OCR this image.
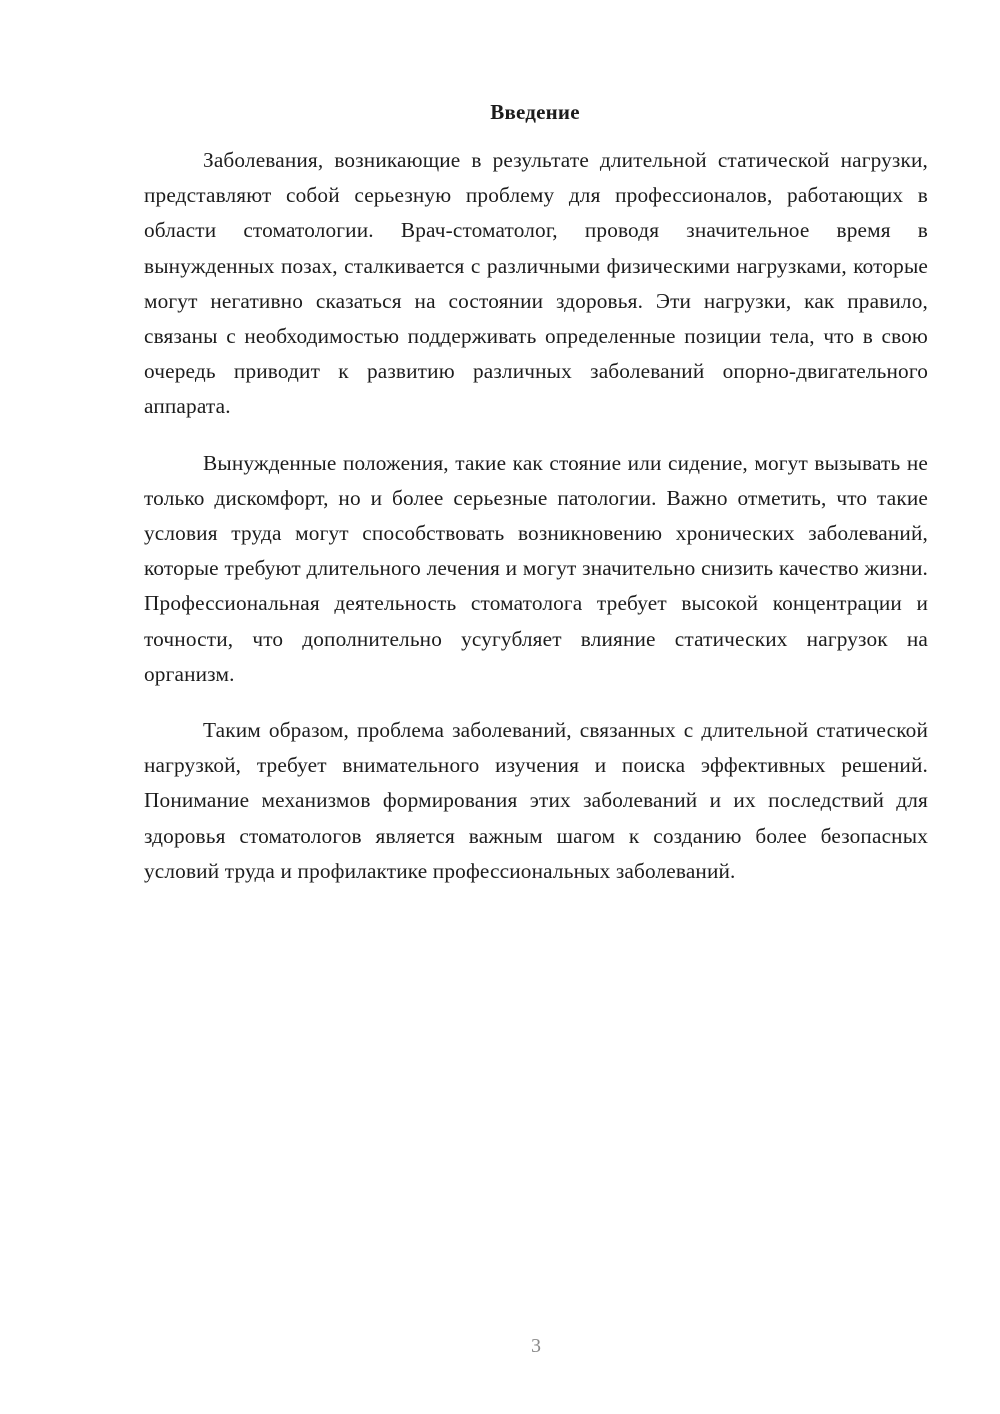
Введение

Заболевания, возникающие в результате длительной статической нагрузки, представляют собой серьезную проблему для профессионалов, работающих в области стоматологии. Врач-стоматолог, проводя значительное время в вынужденных позах, сталкивается с различными физическими нагрузками, которые могут негативно сказаться на состоянии здоровья. Эти нагрузки, как правило, связаны с необходимостью поддерживать определенные позиции тела, что в свою очередь приводит к развитию различных заболеваний опорно-двигательного аппарата.

Вынужденные положения, такие как стояние или сидение, могут вызывать не только дискомфорт, но и более серьезные патологии. Важно отметить, что такие условия труда могут способствовать возникновению хронических заболеваний, которые требуют длительного лечения и могут значительно снизить качество жизни. Профессиональная деятельность стоматолога требует высокой концентрации и точности, что дополнительно усугубляет влияние статических нагрузок на организм.

Таким образом, проблема заболеваний, связанных с длительной статической нагрузкой, требует внимательного изучения и поиска эффективных решений. Понимание механизмов формирования этих заболеваний и их последствий для здоровья стоматологов является важным шагом к созданию более безопасных условий труда и профилактике профессиональных заболеваний.

3
